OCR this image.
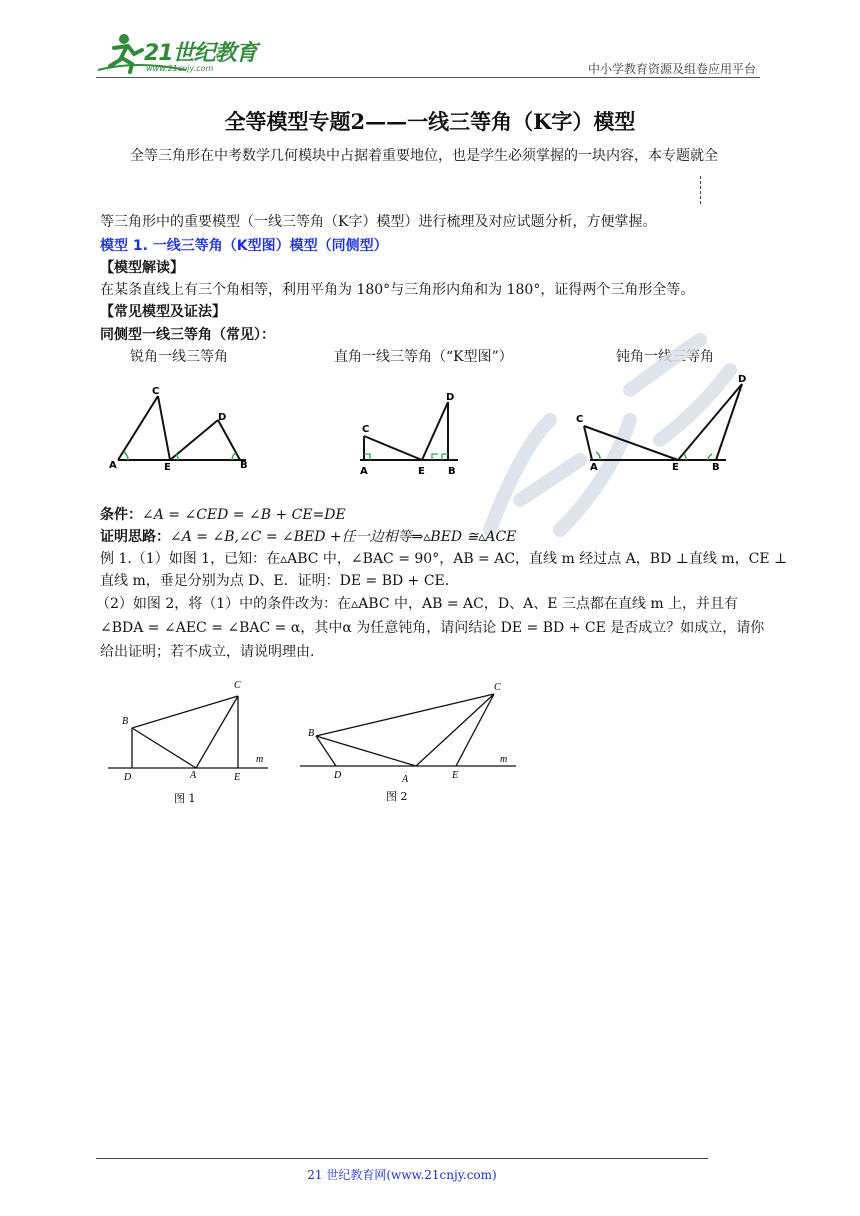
21世纪教育
www.21cnjy.com	中小学教育资源及组卷应用平台
全等模型专题2——一线三等角（K字）模型
全等三角形在中考数学几何模块中占据着重要地位，也是学生必须掌握的一块内容，本专题就全
等三角形中的重要模型（一线三等角（K字）模型）进行梳理及对应试题分析，方便掌握。
模型 1. 一线三等角（K型图）模型（同侧型）
【模型解读】
在某条直线上有三个角相等，利用平角为 180°与三角形内角和为 180°，证得两个三角形全等。
【常见模型及证法】
同侧型一线三等角（常见）：
锐角一线三等角	直角一线三等角（“K型图”）	钝角一线三等角
A
C
E
D
B
A
C
E
D
B	A
C
E
D
B
条件：∠A = ∠CED = ∠B + CE=DE
证明思路：∠A = ∠B,∠C = ∠BED +任一边相等⇒▵BED ≅▵ACE
例 1.（1）如图 1，已知：在▵ABC 中，∠BAC = 90°，AB = AC，直线 m 经过点 A，BD ⊥直线 m，CE ⊥
直线 m，垂足分别为点 D、E．证明：DE = BD + CE．
（2）如图 2，将（1）中的条件改为：在▵ABC 中，AB = AC，D、A、E 三点都在直线 m 上，并且有
∠BDA = ∠AEC = ∠BAC = α，其中α 为任意钝角，请问结论 DE = BD + CE 是否成立？如成立，请你
给出证明；若不成立，请说明理由.
B
C
D	A	E
m
图 1
B
C
D	A	E
m
图 2
21 世纪教育网(www.21cnjy.com)
